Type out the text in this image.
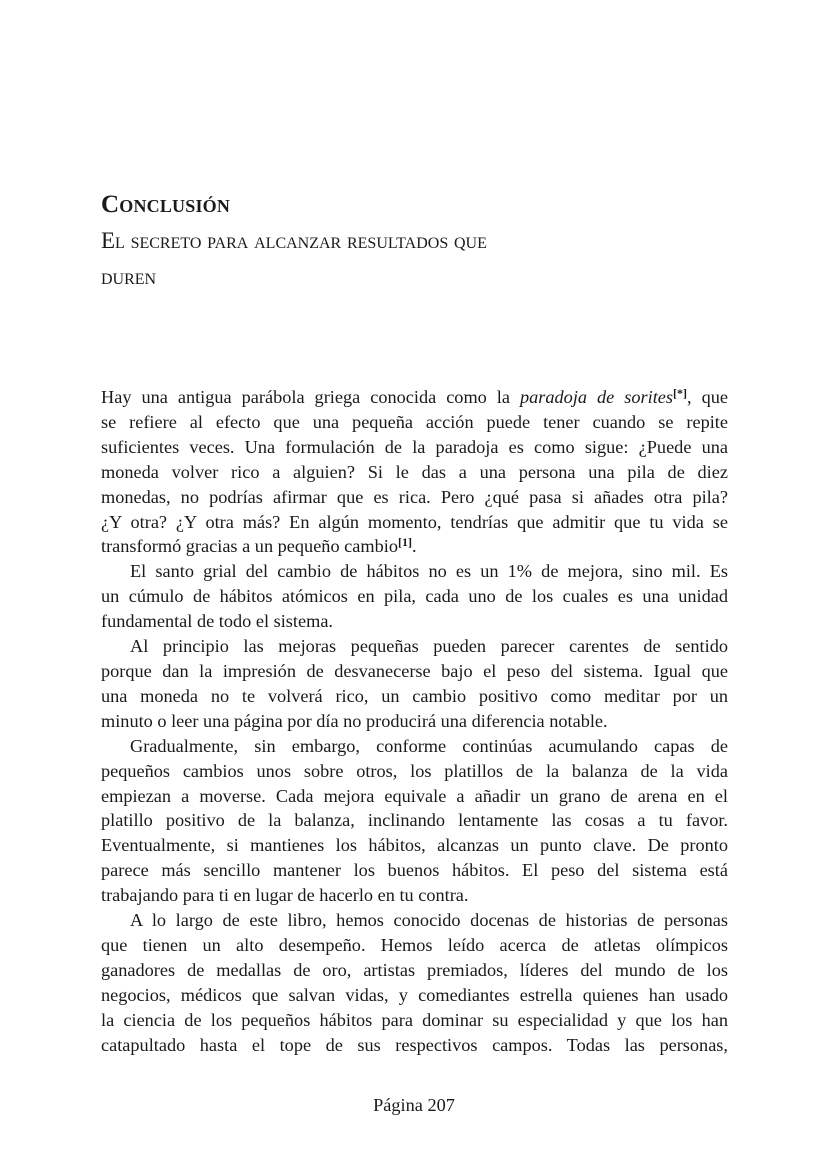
Conclusión
El secreto para alcanzar resultados que
duren
Hay una antigua parábola griega conocida como la paradoja de sorites[*], que
se refiere al efecto que una pequeña acción puede tener cuando se repite
suficientes veces. Una formulación de la paradoja es como sigue: ¿Puede una
moneda volver rico a alguien? Si le das a una persona una pila de diez
monedas, no podrías afirmar que es rica. Pero ¿qué pasa si añades otra pila?
¿Y otra? ¿Y otra más? En algún momento, tendrías que admitir que tu vida se
transformó gracias a un pequeño cambio[1].
El santo grial del cambio de hábitos no es un 1% de mejora, sino mil. Es
un cúmulo de hábitos atómicos en pila, cada uno de los cuales es una unidad
fundamental de todo el sistema.
Al principio las mejoras pequeñas pueden parecer carentes de sentido
porque dan la impresión de desvanecerse bajo el peso del sistema. Igual que
una moneda no te volverá rico, un cambio positivo como meditar por un
minuto o leer una página por día no producirá una diferencia notable.
Gradualmente, sin embargo, conforme continúas acumulando capas de
pequeños cambios unos sobre otros, los platillos de la balanza de la vida
empiezan a moverse. Cada mejora equivale a añadir un grano de arena en el
platillo positivo de la balanza, inclinando lentamente las cosas a tu favor.
Eventualmente, si mantienes los hábitos, alcanzas un punto clave. De pronto
parece más sencillo mantener los buenos hábitos. El peso del sistema está
trabajando para ti en lugar de hacerlo en tu contra.
A lo largo de este libro, hemos conocido docenas de historias de personas
que tienen un alto desempeño. Hemos leído acerca de atletas olímpicos
ganadores de medallas de oro, artistas premiados, líderes del mundo de los
negocios, médicos que salvan vidas, y comediantes estrella quienes han usado
la ciencia de los pequeños hábitos para dominar su especialidad y que los han
catapultado hasta el tope de sus respectivos campos. Todas las personas,
Página 207
